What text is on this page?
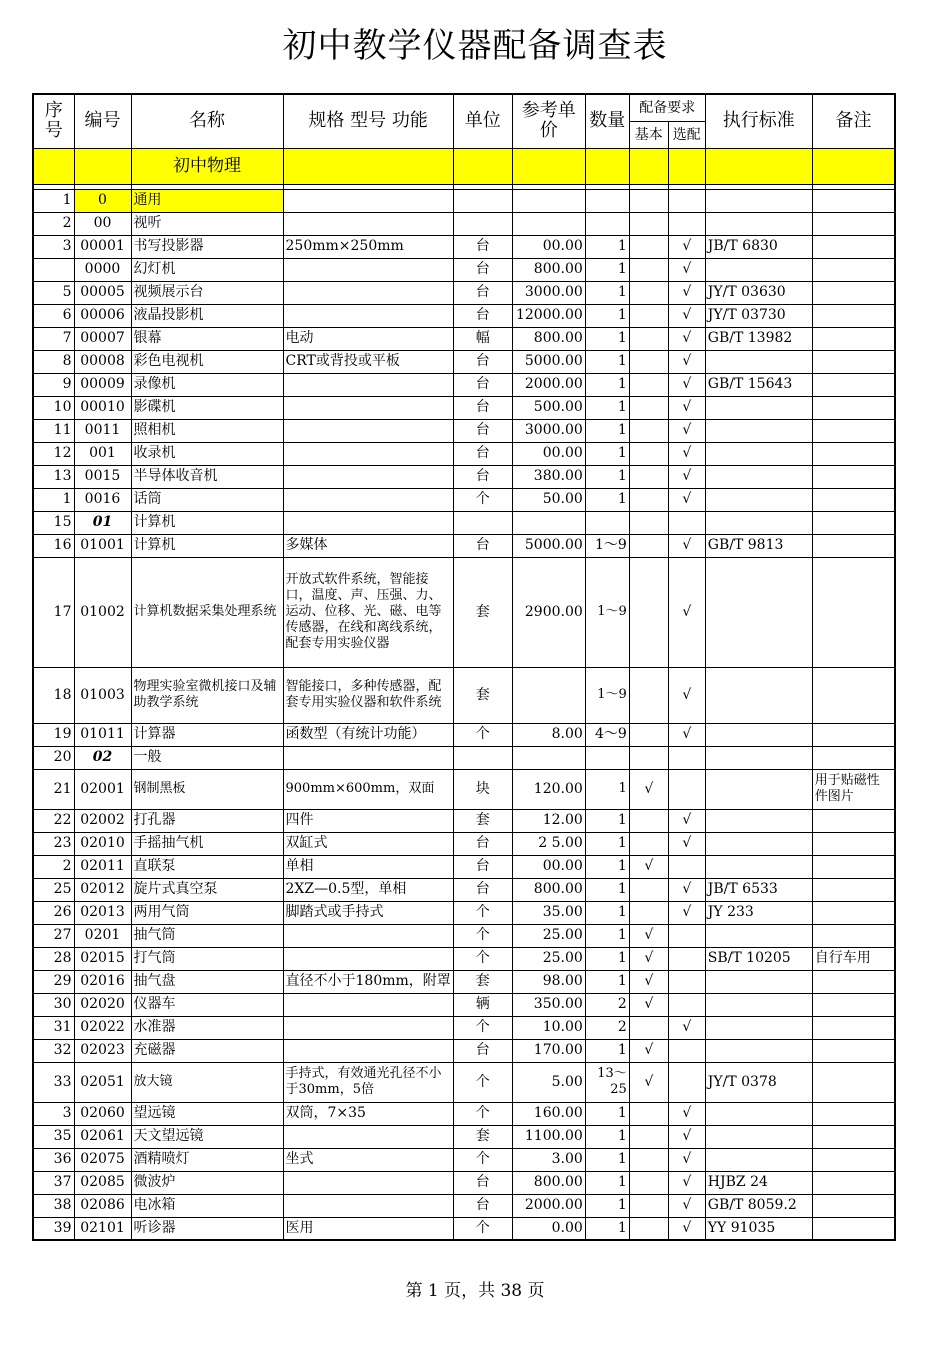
初中教学仪器配备调查表
序号	编号	名称	规格 型号 功能	单位	参考单价	数量	配备要求		执行标准	备注
							基本	选配		
		初中物理								

1	0	通用								
2	00	视听								
3	00001	书写投影器	250mm×250mm	台	00.00	1		√	JB/T 6830	
	0000	幻灯机		台	800.00	1		√		
5	00005	视频展示台		台	3000.00	1		√	JY/T 03630	
6	00006	液晶投影机		台	12000.00	1		√	JY/T 03730	
7	00007	银幕	电动	幅	800.00	1		√	GB/T 13982	
8	00008	彩色电视机	CRT或背投或平板	台	5000.00	1		√		
9	00009	录像机		台	2000.00	1		√	GB/T 15643	
10	00010	影碟机		台	500.00	1		√		
11	0011	照相机		台	3000.00	1		√		
12	001	收录机		台	00.00	1		√		
13	0015	半导体收音机		台	380.00	1		√		
1	0016	话筒		个	50.00	1		√		
15	01	计算机								
16	01001	计算机	多媒体	台	5000.00	1～9		√	GB/T 9813	
17	01002	计算机数据采集处理系统	开放式软件系统，智能接口，温度、声、压强、力、运动、位移、光、磁、电等传感器，在线和离线系统，配套专用实验仪器	套	2900.00	1～9		√		
18	01003	物理实验室微机接口及辅助教学系统	智能接口，多种传感器，配套专用实验仪器和软件系统	套		1～9		√		
19	01011	计算器	函数型（有统计功能）	个	8.00	4～9		√		
20	02	一般								
21	02001	钢制黑板	900mm×600mm，双面	块	120.00	1	√			用于贴磁性件图片
22	02002	打孔器	四件	套	12.00	1		√		
23	02010	手摇抽气机	双缸式	台	2 5.00	1		√		
2	02011	直联泵	单相	台	00.00	1	√			
25	02012	旋片式真空泵	2XZ—0.5型，单相	台	800.00	1		√	JB/T 6533	
26	02013	两用气筒	脚踏式或手持式	个	35.00	1		√	JY 233	
27	0201	抽气筒		个	25.00	1	√			
28	02015	打气筒		个	25.00	1	√		SB/T 10205	自行车用
29	02016	抽气盘	直径不小于180mm，附罩	套	98.00	1	√			
30	02020	仪器车		辆	350.00	2	√			
31	02022	水准器		个	10.00	2		√		
32	02023	充磁器		台	170.00	1	√			
33	02051	放大镜	手持式，有效通光孔径不小于30mm，5倍	个	5.00	13～25	√		JY/T 0378	
3	02060	望远镜	双筒，7×35	个	160.00	1		√		
35	02061	天文望远镜		套	1100.00	1		√		
36	02075	酒精喷灯	坐式	个	3.00	1		√		
37	02085	微波炉		台	800.00	1		√	HJBZ 24	
38	02086	电冰箱		台	2000.00	1		√	GB/T 8059.2	
39	02101	听诊器	医用	个	0.00	1		√	YY 91035	
第 1 页，共 38 页
